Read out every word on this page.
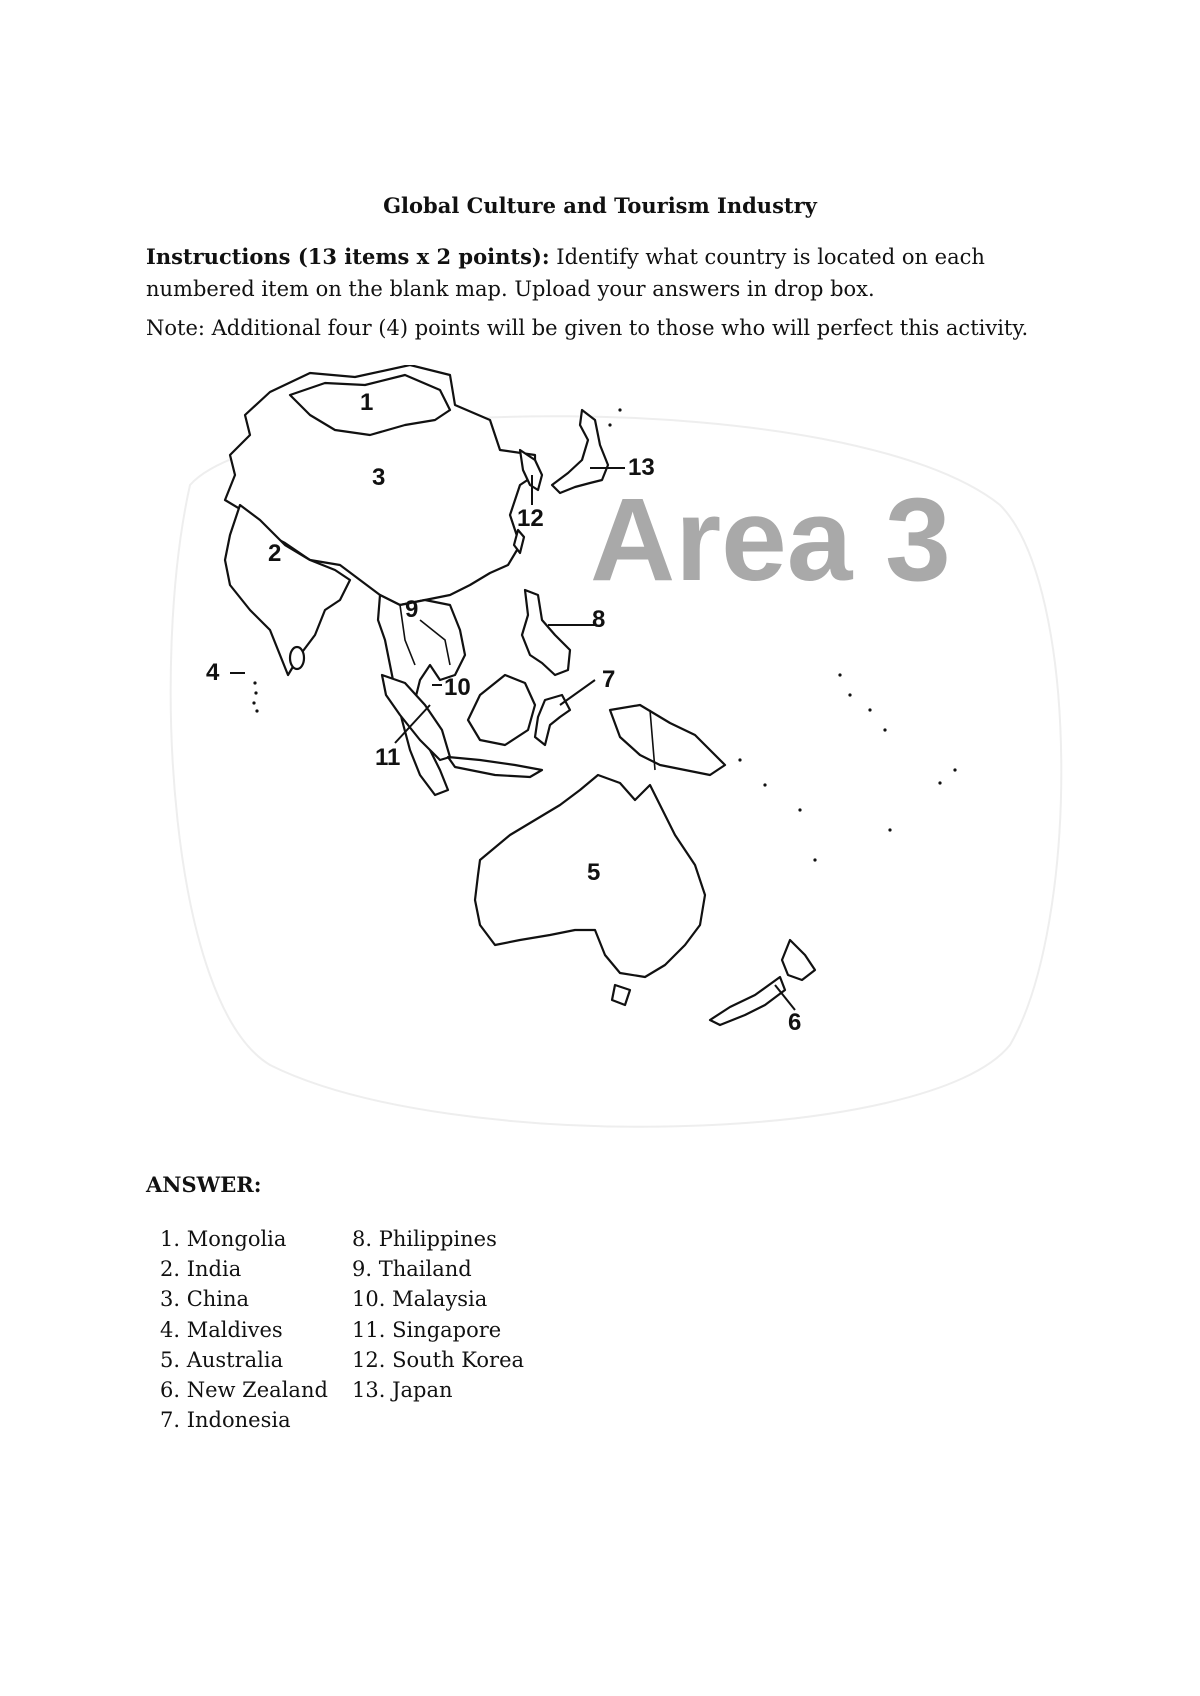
Global Culture and Tourism Industry
Instructions (13 items x 2 points): Identify what country is located on each numbered item on the blank map. Upload your answers in drop box.
Note: Additional four (4) points will be given to those who will perfect this activity.
Area 3
1
2
3
4
5
6
7
8
9
10
11
12
13
ANSWER:
1. Mongolia
2. India
3. China
4. Maldives
5. Australia
6. New Zealand
7. Indonesia
8. Philippines
9. Thailand
10. Malaysia
11. Singapore
12. South Korea
13. Japan
